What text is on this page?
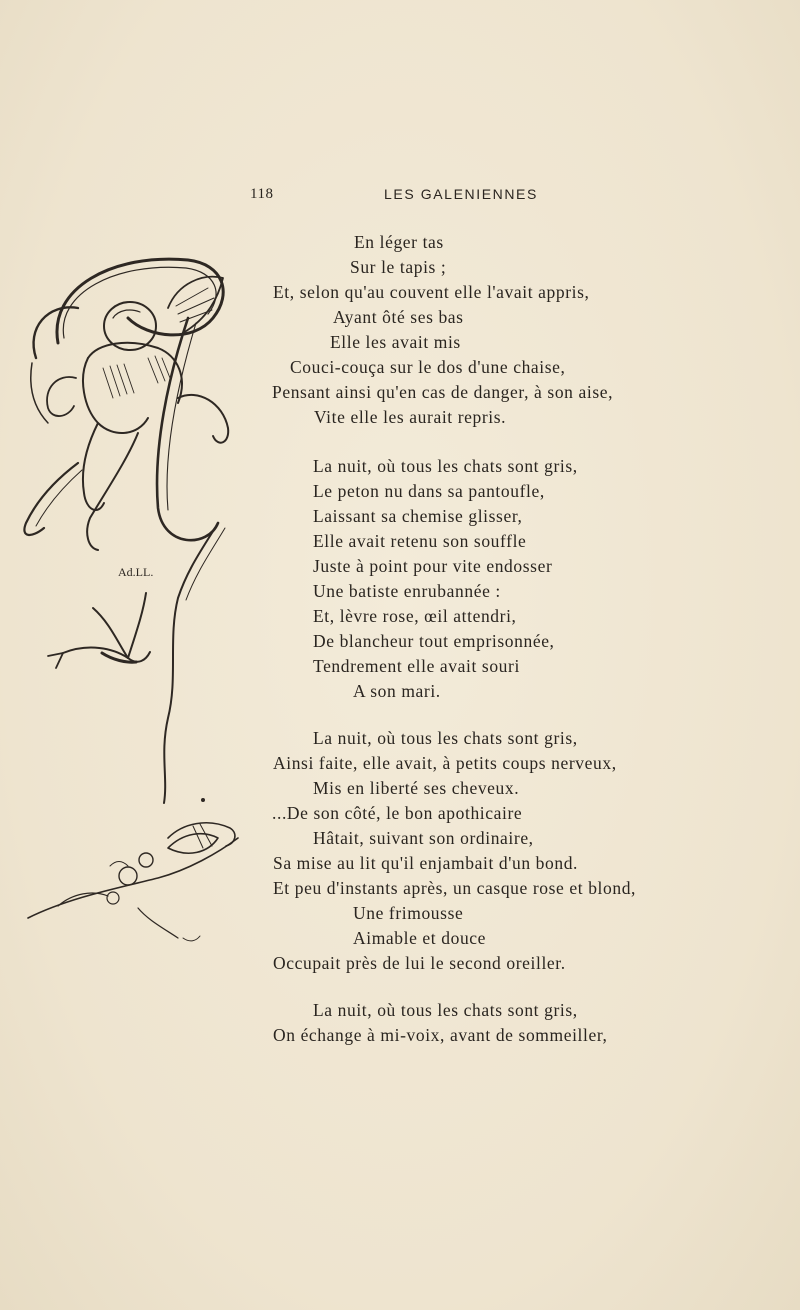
118	LES GALENIENNES
Ad.LL.
En léger tas
Sur le tapis ;
Et, selon qu'au couvent elle l'avait appris,
Ayant ôté ses bas
Elle les avait mis
Couci-couça sur le dos d'une chaise,
Pensant ainsi qu'en cas de danger, à son aise,
Vite elle les aurait repris.
La nuit, où tous les chats sont gris,
Le peton nu dans sa pantoufle,
Laissant sa chemise glisser,
Elle avait retenu son souffle
Juste à point pour vite endosser
Une batiste enrubannée :
Et, lèvre rose, œil attendri,
De blancheur tout emprisonnée,
Tendrement elle avait souri
A son mari.
La nuit, où tous les chats sont gris,
Ainsi faite, elle avait, à petits coups nerveux,
Mis en liberté ses cheveux.
...De son côté, le bon apothicaire
Hâtait, suivant son ordinaire,
Sa mise au lit qu'il enjambait d'un bond.
Et peu d'instants après, un casque rose et blond,
Une frimousse
Aimable et douce
Occupait près de lui le second oreiller.
La nuit, où tous les chats sont gris,
On échange à mi-voix, avant de sommeiller,
